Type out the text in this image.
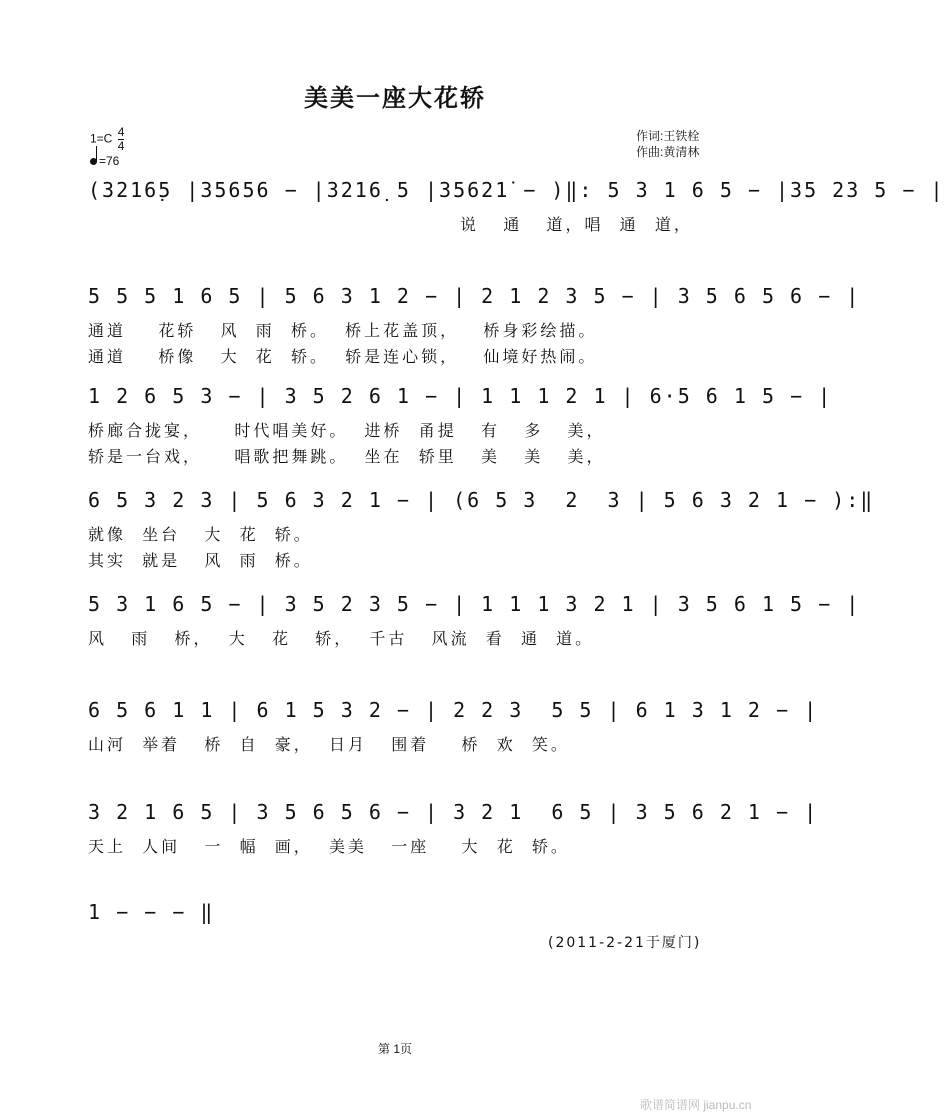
美美一座大花轿
$1=C \frac{4}{4}$
=76
作词:王铁栓
作曲:黄清林
(3216̣5 |35656 − |3216̣ 5 |35621̇ − )‖: 5 3 1 6 5 − |35 23 5 − |
说   通   道，唱  通  道，
5 5 5 1 6 5 | 5 6 3 1 2 − | 2 1 2 3 5 − | 3 5 6 5 6 − |
通道    花轿   风  雨  桥。  桥上花盖顶，   桥身彩绘描。
通道    桥像   大  花  轿。  轿是连心锁，   仙境好热闹。
1 2 6 5 3 − | 3 5 2 6 1 − | 1 1 1 2 1 | 6·5 6 1 5 − |
桥廊合拢宴，    时代唱美好。  进桥  甬提   有   多   美，
轿是一台戏，    唱歌把舞跳。  坐在  轿里   美   美   美，
6 5 3 2 3 | 5 6 3 2 1 − | (6 5 3  2  3 | 5 6 3 2 1 − ):‖
就像  坐台   大  花  轿。
其实  就是   风  雨  桥。
5 3 1 6 5 − | 3 5 2 3 5 − | 1 1 1 3 2 1 | 3 5 6 1 5 − |
风   雨   桥，  大   花   轿，  千古   风流  看  通  道。
6 5 6 1 1 | 6 1 5 3 2 − | 2 2 3  5 5 | 6 1 3 1 2 − |
山河  举着   桥  自  豪，  日月   围着    桥  欢  笑。
3 2 1 6 5 | 3 5 6 5 6 − | 3 2 1  6 5 | 3 5 6 2 1 − |
天上  人间   一  幅  画，  美美   一座    大  花  轿。
1 − − − ‖
(2011-2-21于厦门)
第 1页
歌谱简谱网 jianpu.cn
